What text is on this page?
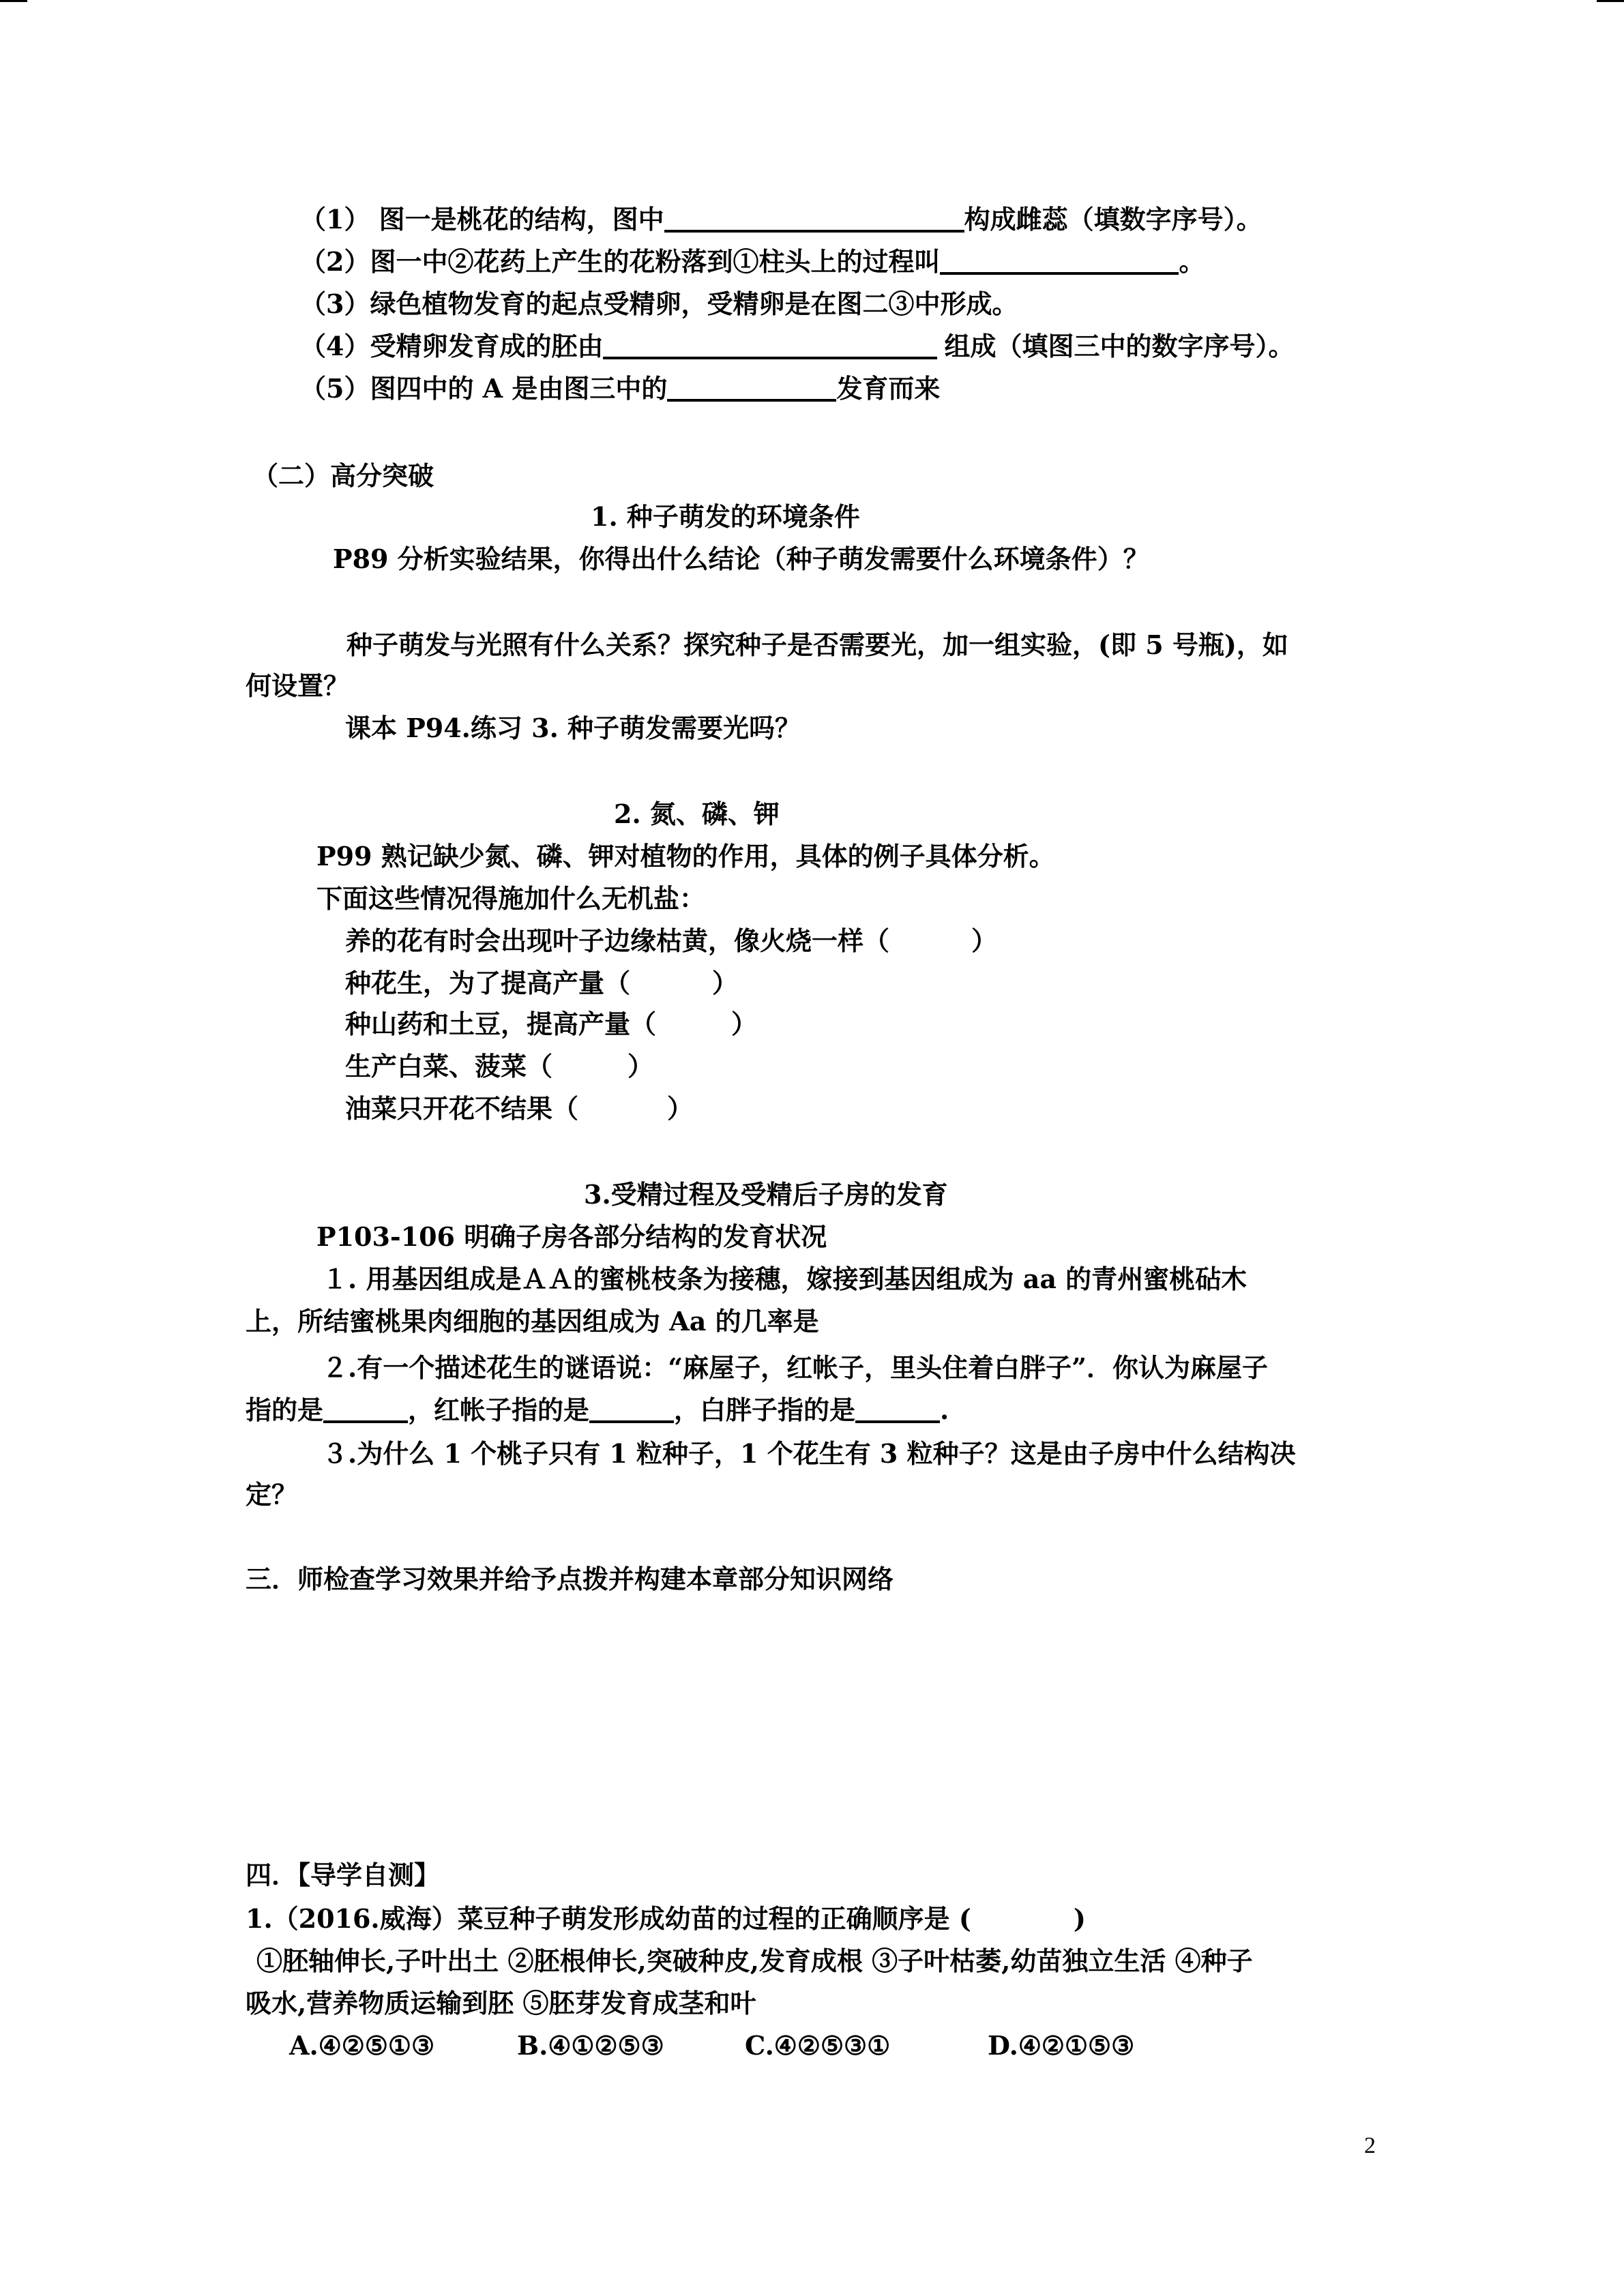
（1） 图一是桃花的结构，图中	构成雌蕊（填数字序号）。
（2）图一中②花药上产生的花粉落到①柱头上的过程叫	。
（3）绿色植物发育的起点受精卵，受精卵是在图二③中形成。
（4）受精卵发育成的胚由	组成（填图三中的数字序号）。
（5）图四中的 A 是由图三中的	发育而来
（二）高分突破
1. 种子萌发的环境条件
P89 分析实验结果，你得出什么结论（种子萌发需要什么环境条件）？
种子萌发与光照有什么关系？探究种子是否需要光，加一组实验，(即 5 号瓶)，如
何设置？
课本 P94.练习 3. 种子萌发需要光吗？
2. 氮、磷、钾
P99 熟记缺少氮、磷、钾对植物的作用，具体的例子具体分析。
下面这些情况得施加什么无机盐：
养的花有时会出现叶子边缘枯黄，像火烧一样（	）
种花生，为了提高产量（	）
种山药和土豆，提高产量（	）
生产白菜、菠菜（	）
油菜只开花不结果（	）
3.受精过程及受精后子房的发育
P103-106 明确子房各部分结构的发育状况
１. 用基因组成是ＡＡ的蜜桃枝条为接穗，嫁接到基因组成为 aa 的青州蜜桃砧木
上，所结蜜桃果肉细胞的基因组成为 Aa 的几率是
２.有一个描述花生的谜语说：“麻屋子，红帐子，里头住着白胖子”．你认为麻屋子
指的是	，红帐子指的是	，白胖子指的是	.
３.为什么 1 个桃子只有 1 粒种子，1 个花生有 3 粒种子？这是由子房中什么结构决
定？
三．师检查学习效果并给予点拨并构建本章部分知识网络
四．【导学自测】
1.（2016.威海）菜豆种子萌发形成幼苗的过程的正确顺序是 (	)
①胚轴伸长,子叶出土 ②胚根伸长,突破种皮,发育成根 ③子叶枯萎,幼苗独立生活 ④种子
吸水,营养物质运输到胚 ⑤胚芽发育成茎和叶
A.④②⑤①③	B.④①②⑤③	C.④②⑤③①	D.④②①⑤③
2
